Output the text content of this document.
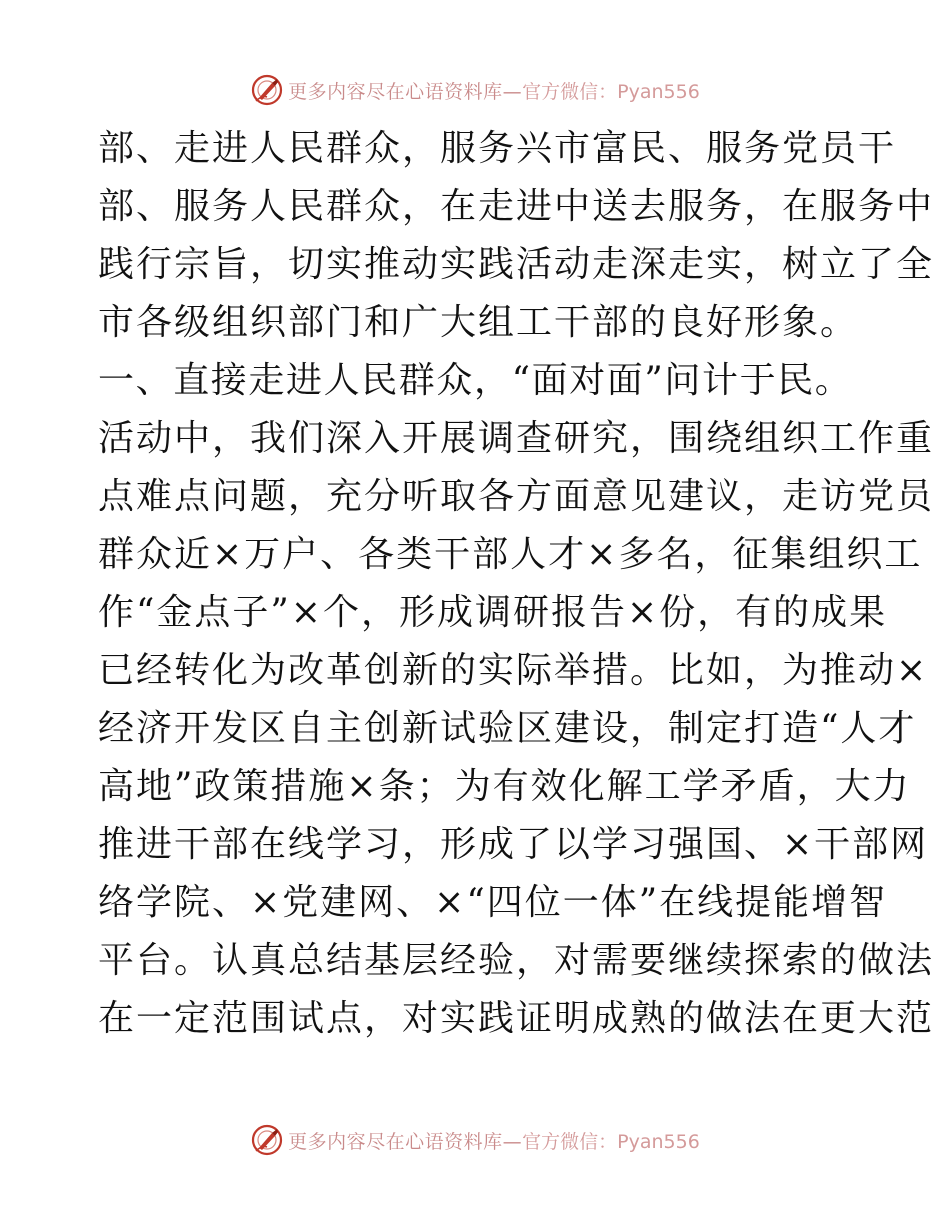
更多内容尽在心语资料库— 官方微信：Pyan556
部、走进人民群众，服务兴市富民、服务党员干
部、服务人民群众，在走进中送去服务，在服务中
践行宗旨，切实推动实践活动走深走实，树立了全
市各级组织部门和广大组工干部的良好形象。
一、直接走进人民群众，“面对面”问计于民。
活动中，我们深入开展调查研究，围绕组织工作重
点难点问题，充分听取各方面意见建议，走访党员
群众近×万户、各类干部人才×多名，征集组织工
作“金点子”×个，形成调研报告×份，有的成果
已经转化为改革创新的实际举措。比如，为推动×
经济开发区自主创新试验区建设，制定打造“人才
高地”政策措施×条；为有效化解工学矛盾，大力
推进干部在线学习，形成了以学习强国、×干部网
络学院、×党建网、×“四位一体”在线提能增智
平台。认真总结基层经验，对需要继续探索的做法
在一定范围试点，对实践证明成熟的做法在更大范
更多内容尽在心语资料库— 官方微信：Pyan556
